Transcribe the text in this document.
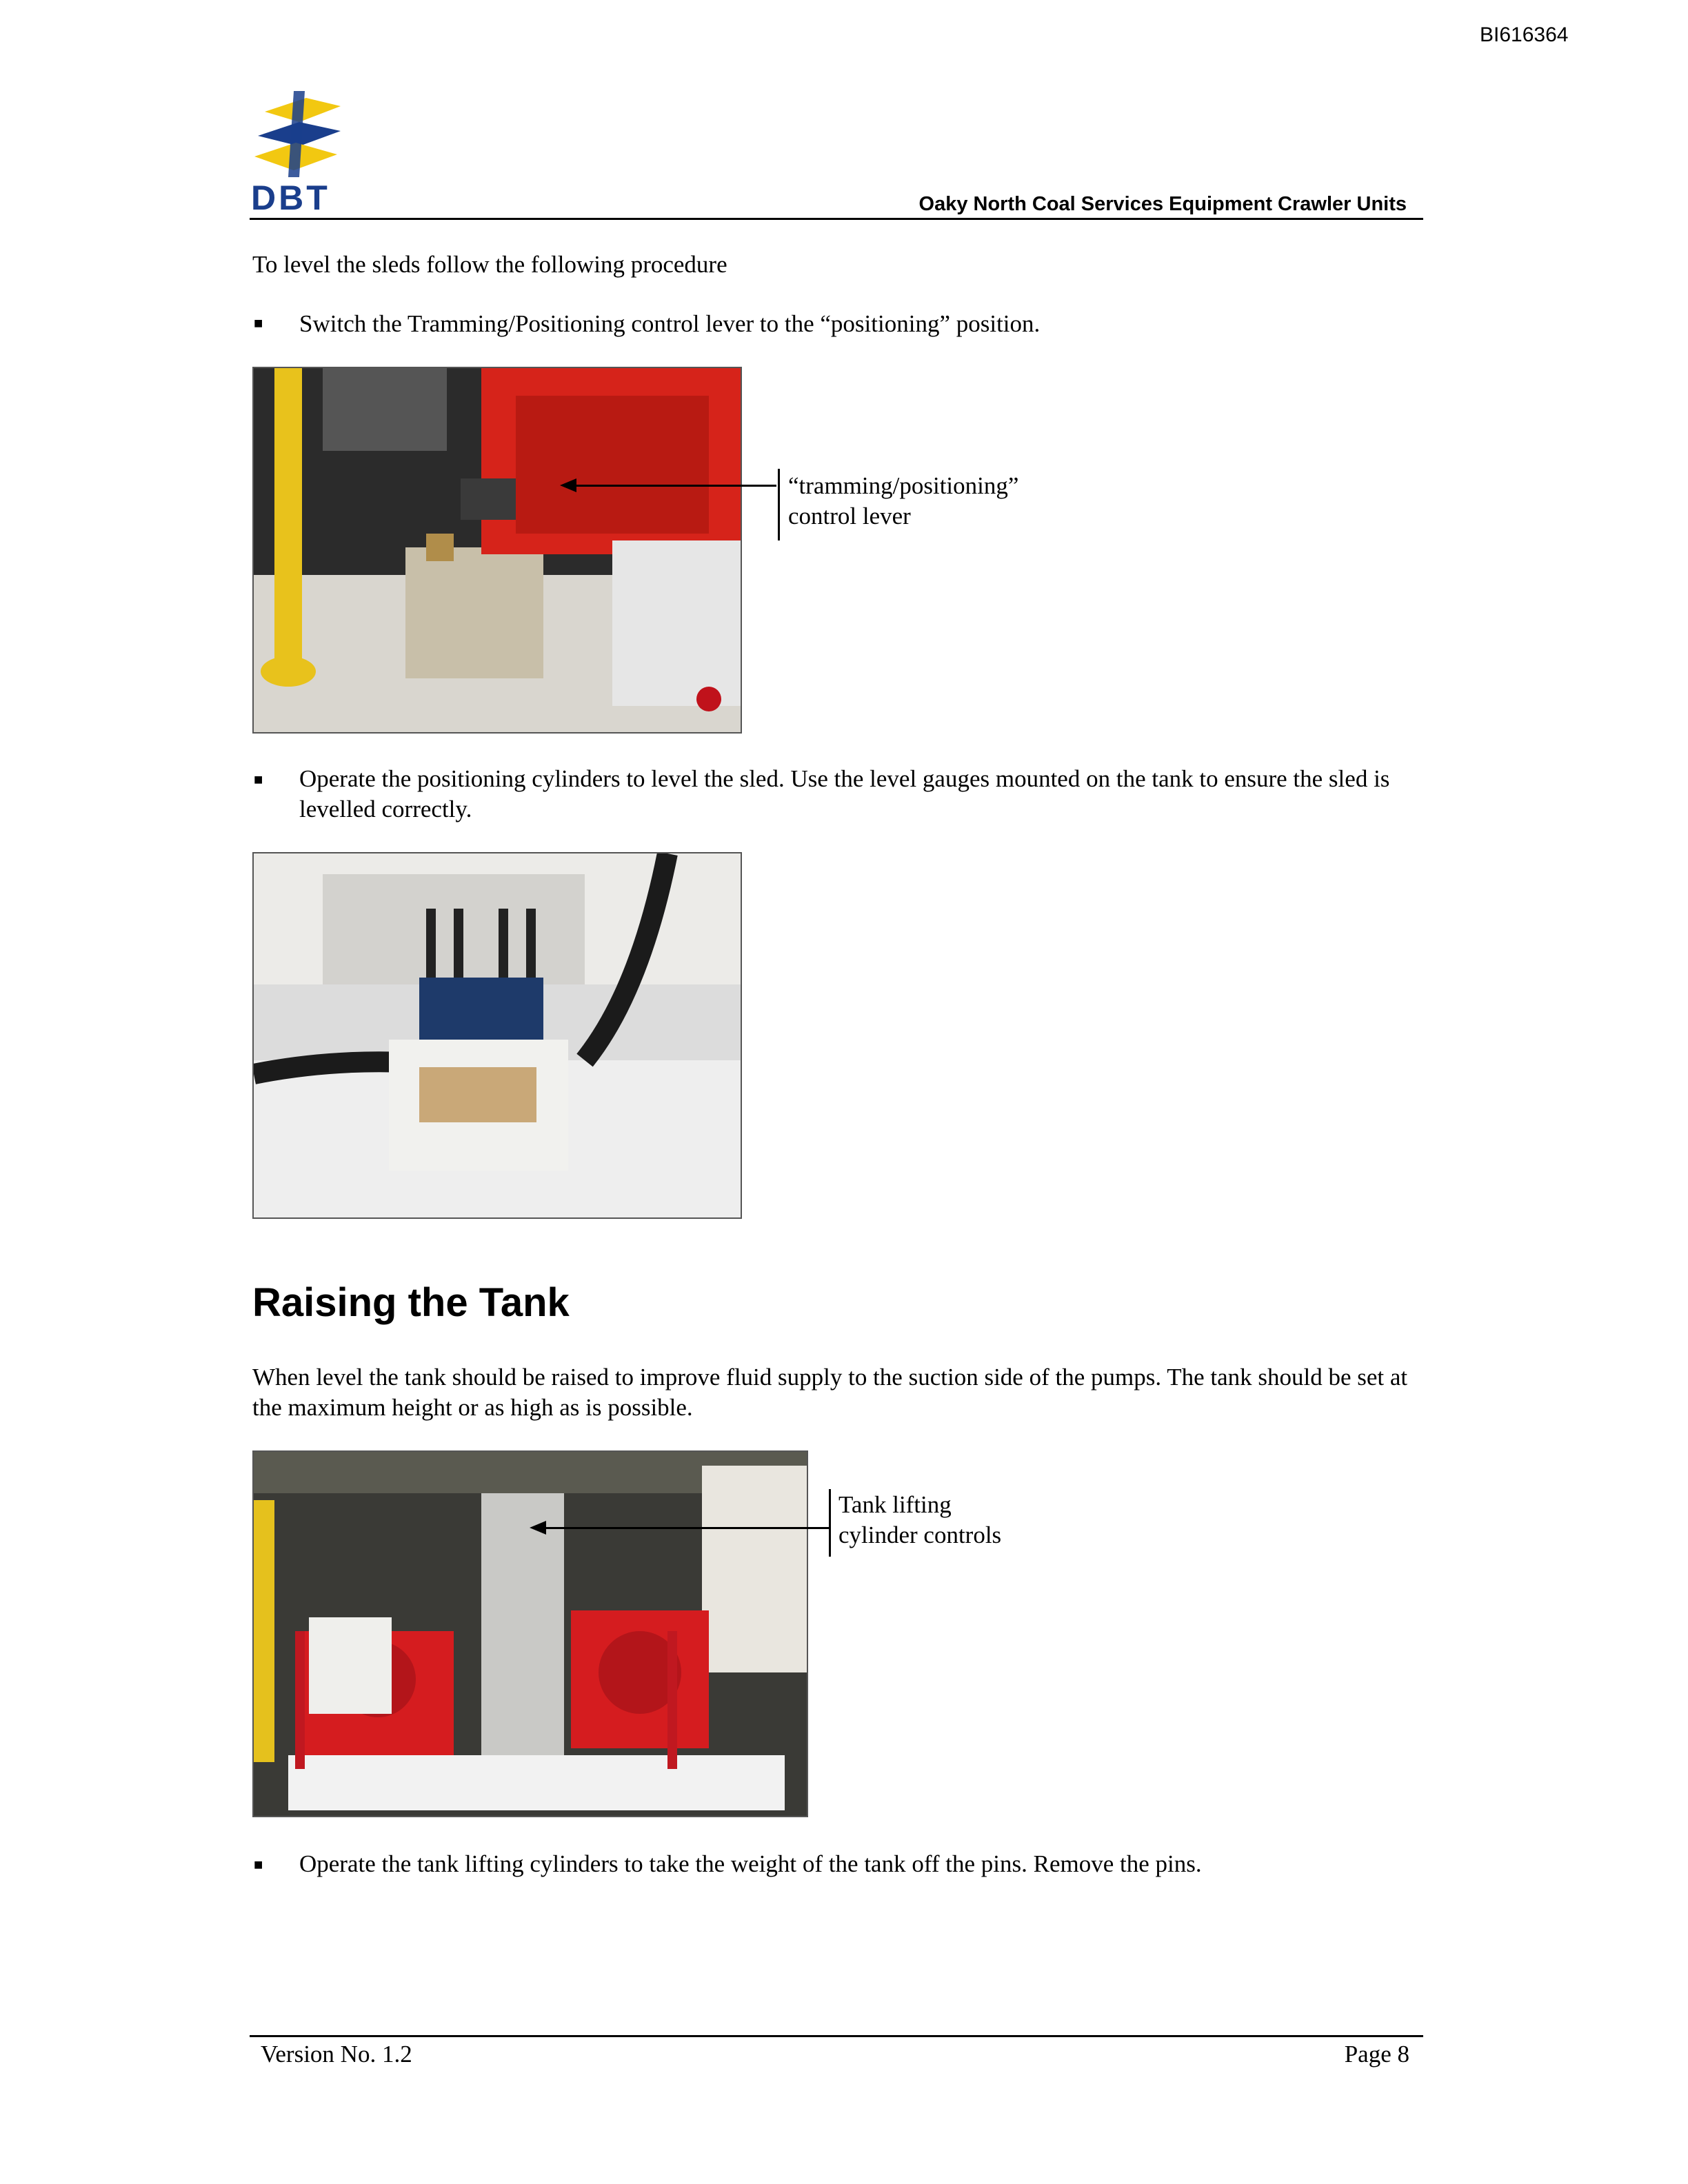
BI616364
DBT	Oaky North Coal Services Equipment Crawler Units
To level the sleds follow the following procedure
■ Switch the Tramming/Positioning control lever to the “positioning” position.
“tramming/positioning”
control lever
■ Operate the positioning cylinders to level the sled. Use the level gauges mounted on the tank to ensure the sled is levelled correctly.
Raising the Tank
When level the tank should be raised to improve fluid supply to the suction side of the pumps. The tank should be set at the maximum height or as high as is possible.
Tank lifting
cylinder controls
■ Operate the tank lifting cylinders to take the weight of the tank off the pins. Remove the pins.
Version No. 1.2	Page 8
